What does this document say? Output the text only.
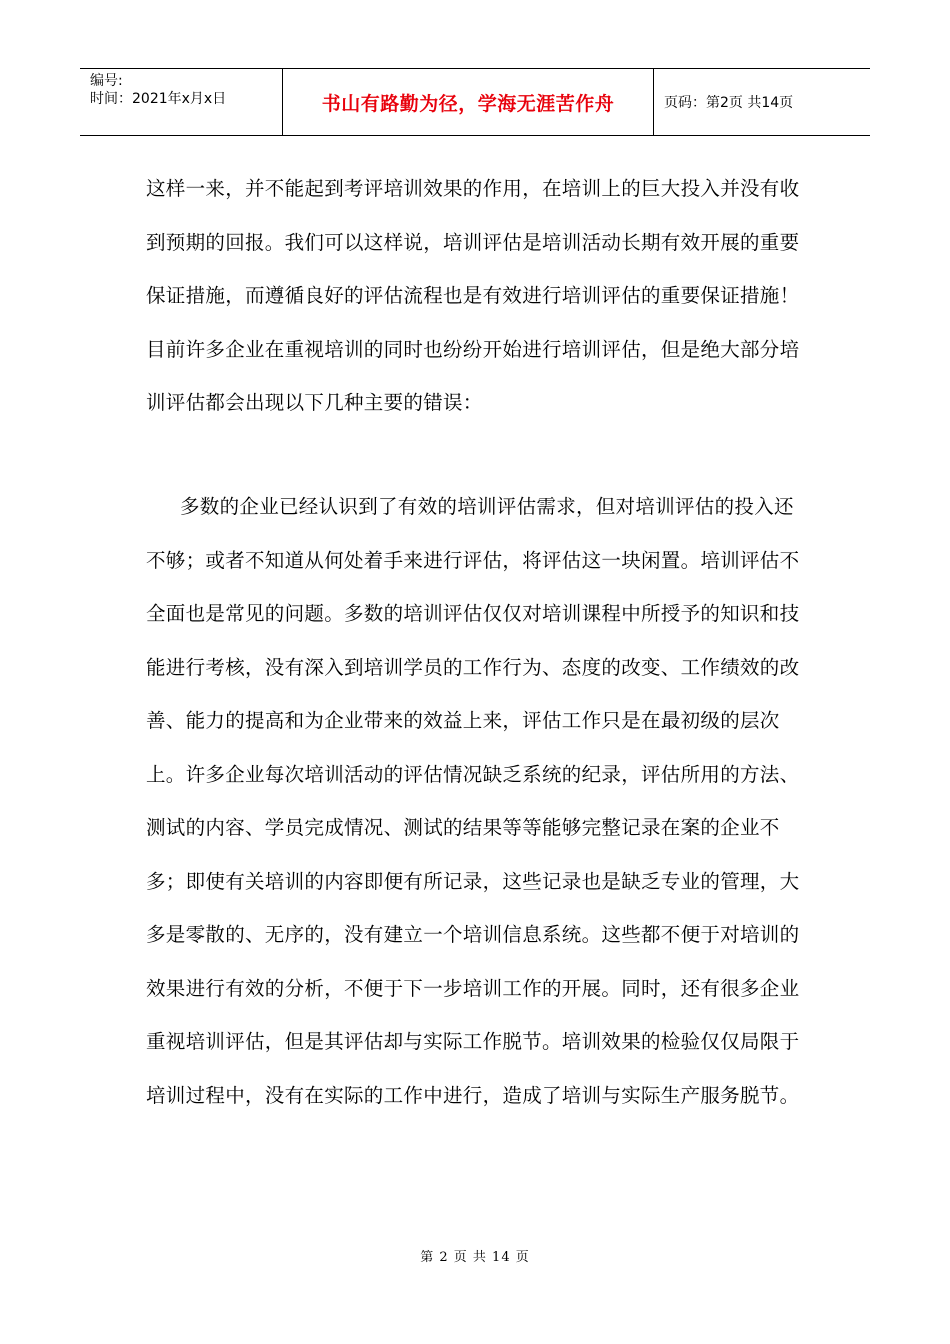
编号:
时间：2021年x月x日	书山有路勤为径，学海无涯苦作舟	页码：第2页 共14页

这样一来，并不能起到考评培训效果的作用，在培训上的巨大投入并没有收到预期的回报。我们可以这样说，培训评估是培训活动长期有效开展的重要保证措施，而遵循良好的评估流程也是有效进行培训评估的重要保证措施！目前许多企业在重视培训的同时也纷纷开始进行培训评估，但是绝大部分培训评估都会出现以下几种主要的错误：

多数的企业已经认识到了有效的培训评估需求，但对培训评估的投入还不够；或者不知道从何处着手来进行评估，将评估这一块闲置。培训评估不全面也是常见的问题。多数的培训评估仅仅对培训课程中所授予的知识和技能进行考核，没有深入到培训学员的工作行为、态度的改变、工作绩效的改善、能力的提高和为企业带来的效益上来，评估工作只是在最初级的层次上。许多企业每次培训活动的评估情况缺乏系统的纪录，评估所用的方法、测试的内容、学员完成情况、测试的结果等等能够完整记录在案的企业不多；即使有关培训的内容即便有所记录，这些记录也是缺乏专业的管理，大多是零散的、无序的，没有建立一个培训信息系统。这些都不便于对培训的效果进行有效的分析，不便于下一步培训工作的开展。同时，还有很多企业重视培训评估，但是其评估却与实际工作脱节。培训效果的检验仅仅局限于培训过程中，没有在实际的工作中进行，造成了培训与实际生产服务脱节。

第 2 页 共 14 页
